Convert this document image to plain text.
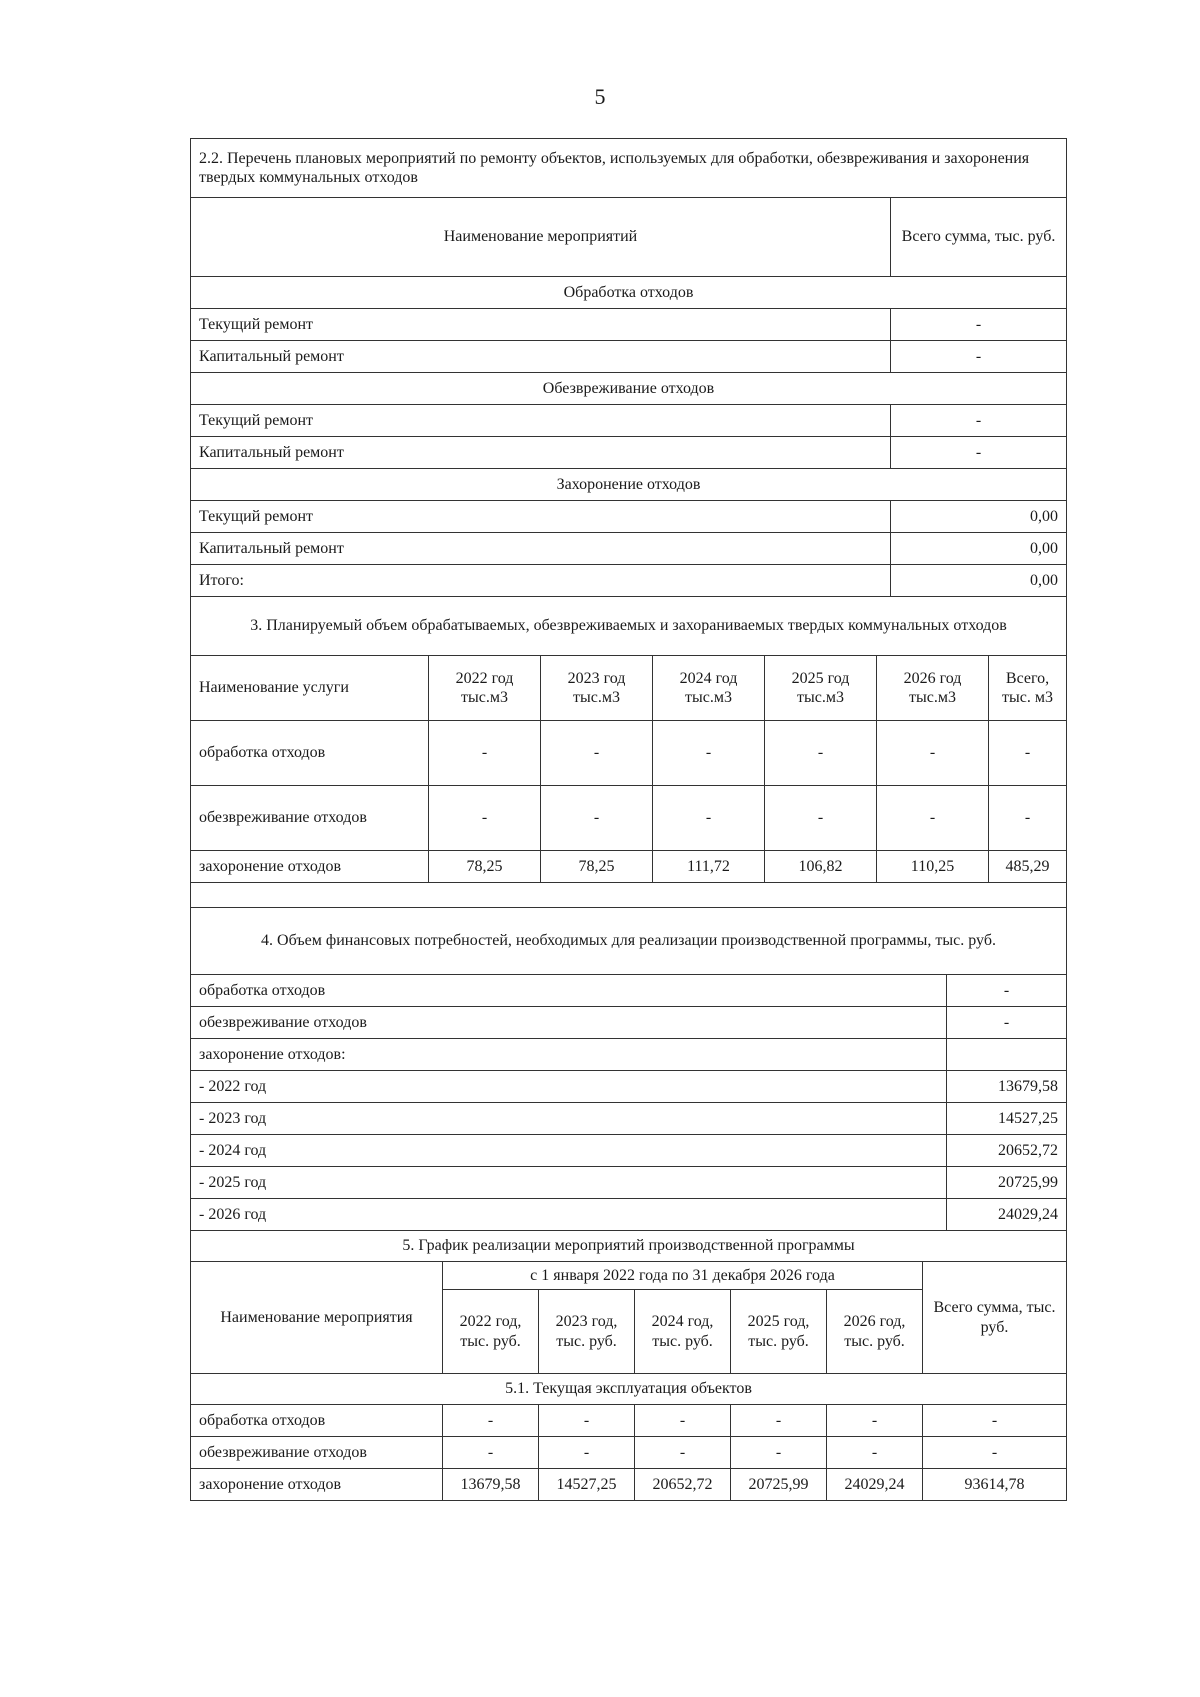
5
2.2. Перечень плановых мероприятий по ремонту объектов, используемых для обработки, обезвреживания и захоронения твердых коммунальных отходов	
Наименование мероприятий	Всего сумма, тыс. руб.
Обработка отходов	
Текущий ремонт	-
Капитальный ремонт	-
Обезвреживание отходов	
Текущий ремонт	-
Капитальный ремонт	-
Захоронение отходов	
Текущий ремонт	0,00
Капитальный ремонт	0,00
Итого:	0,00
3. Планируемый объем обрабатываемых, обезвреживаемых и захораниваемых твердых коммунальных отходов						
Наименование услуги	2022 год тыс.м3	2023 год тыс.м3	2024 год тыс.м3	2025 год тыс.м3	2026 год тыс.м3	Всего, тыс. м3
обработка отходов	-	-	-	-	-	-
обезвреживание отходов	-	-	-	-	-	-
захоронение отходов	78,25	78,25	111,72	106,82	110,25	485,29

4. Объем финансовых потребностей, необходимых для реализации производственной программы, тыс. руб.	
обработка отходов	-
обезвреживание отходов	-
захоронение отходов:	
- 2022 год	13679,58
- 2023 год	14527,25
- 2024 год	20652,72
- 2025 год	20725,99
- 2026 год	24029,24
5. График реализации мероприятий производственной программы						
Наименование мероприятия	с 1 января 2022 года по 31 декабря 2026 года					Всего сумма, тыс. руб.
	2022 год, тыс. руб.	2023 год, тыс. руб.	2024 год, тыс. руб.	2025 год, тыс. руб.	2026 год, тыс. руб.	
5.1. Текущая эксплуатация объектов						
обработка отходов	-	-	-	-	-	-
обезвреживание отходов	-	-	-	-	-	-
захоронение отходов	13679,58	14527,25	20652,72	20725,99	24029,24	93614,78
